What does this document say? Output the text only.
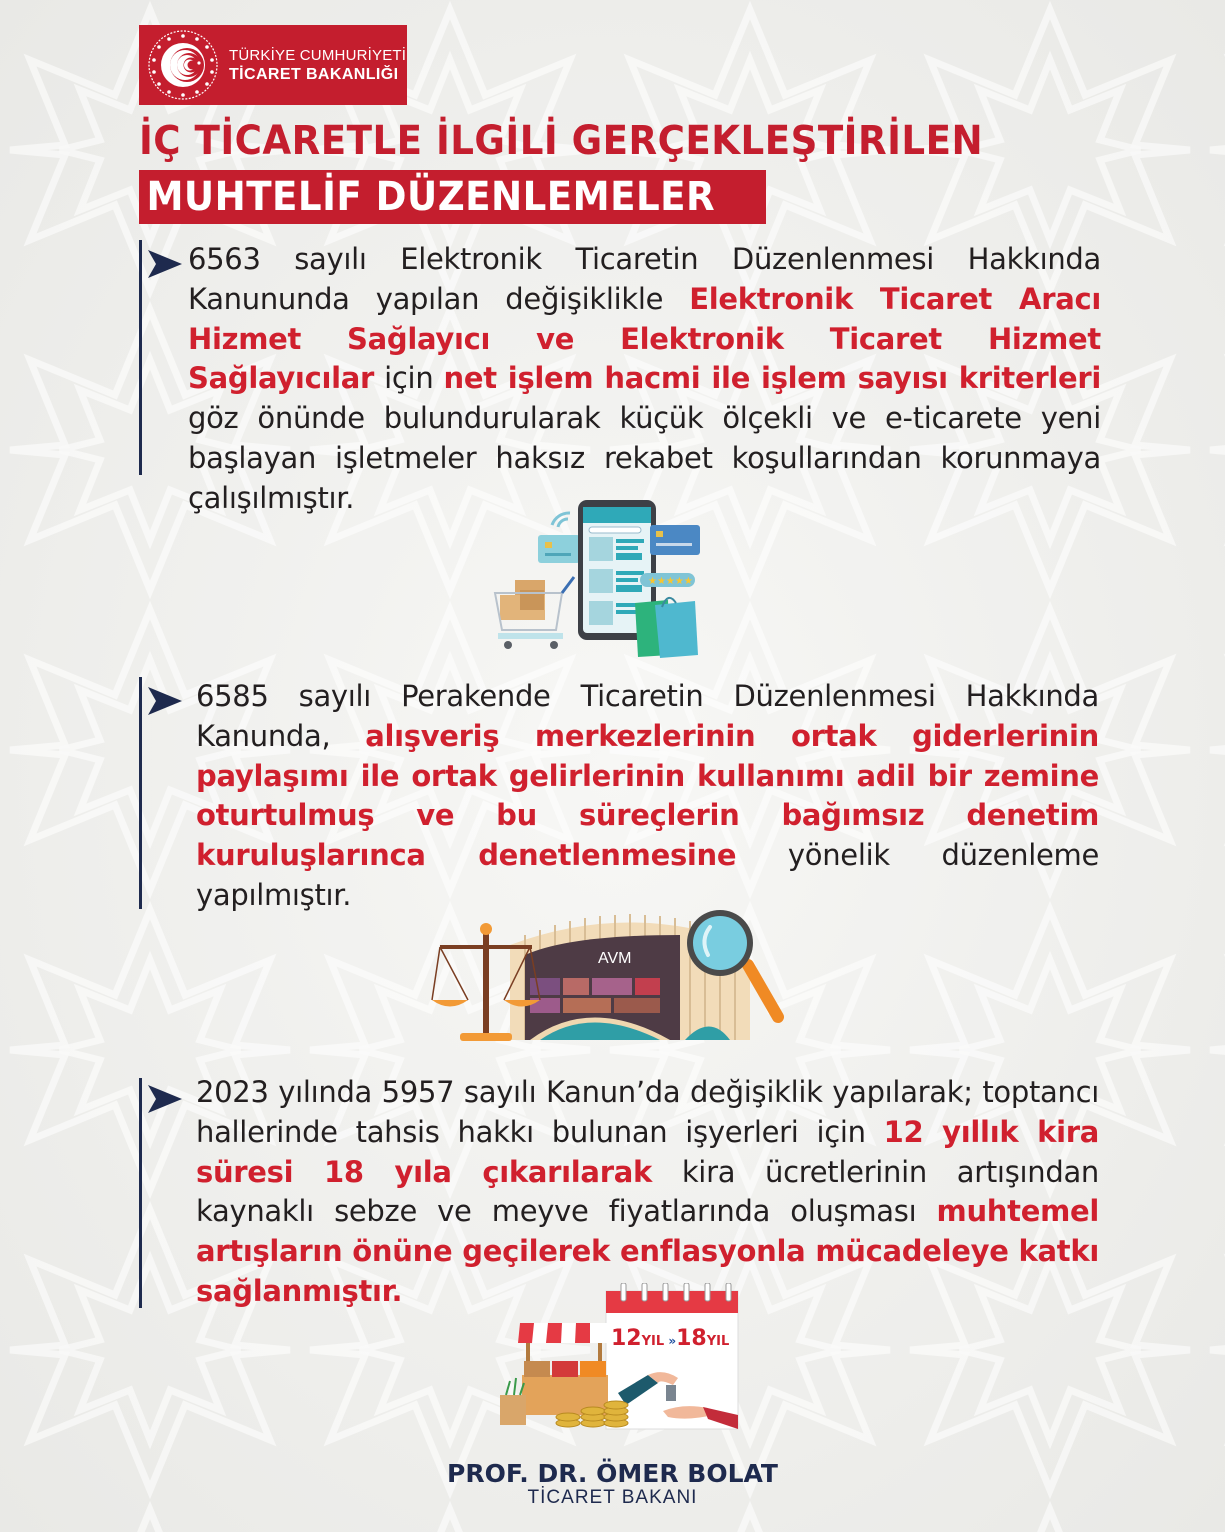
TÜRKİYE CUMHURİYETİ
TİCARET BAKANLIĞI
İÇ TİCARETLE İLGİLİ GERÇEKLEŞTİRİLEN
MUHTELİF DÜZENLEMELER
6563 sayılı Elektronik Ticaretin Düzenlenmesi Hakkında Kanununda yapılan değişiklikle Elektronik Ticaret Aracı Hizmet Sağlayıcı ve Elektronik Ticaret Hizmet Sağlayıcılar için net işlem hacmi ile işlem sayısı kriterleri göz önünde bulundurularak küçük ölçekli ve e-ticarete yeni başlayan işletmeler haksız rekabet koşullarından korunmaya çalışılmıştır.
★★★★★
6585 sayılı Perakende Ticaretin Düzenlenmesi Hakkında Kanunda, alışveriş merkezlerinin ortak giderlerinin paylaşımı ile ortak gelirlerinin kullanımı adil bir zemine oturtulmuş ve bu süreçlerin bağımsız denetim kuruluşlarınca denetlenmesine yönelik düzenleme yapılmıştır.
AVM
2023 yılında 5957 sayılı Kanun’da değişiklik yapılarak; toptancı hallerinde tahsis hakkı bulunan işyerleri için 12 yıllık kira süresi 18 yıla çıkarılarak kira ücretlerinin artışından kaynaklı sebze ve meyve fiyatlarında oluşması muhtemel artışların önüne geçilerek enflasyonla mücadeleye katkı sağlanmıştır.
12YIL »18YIL
PROF. DR. ÖMER BOLAT
TİCARET BAKANI
